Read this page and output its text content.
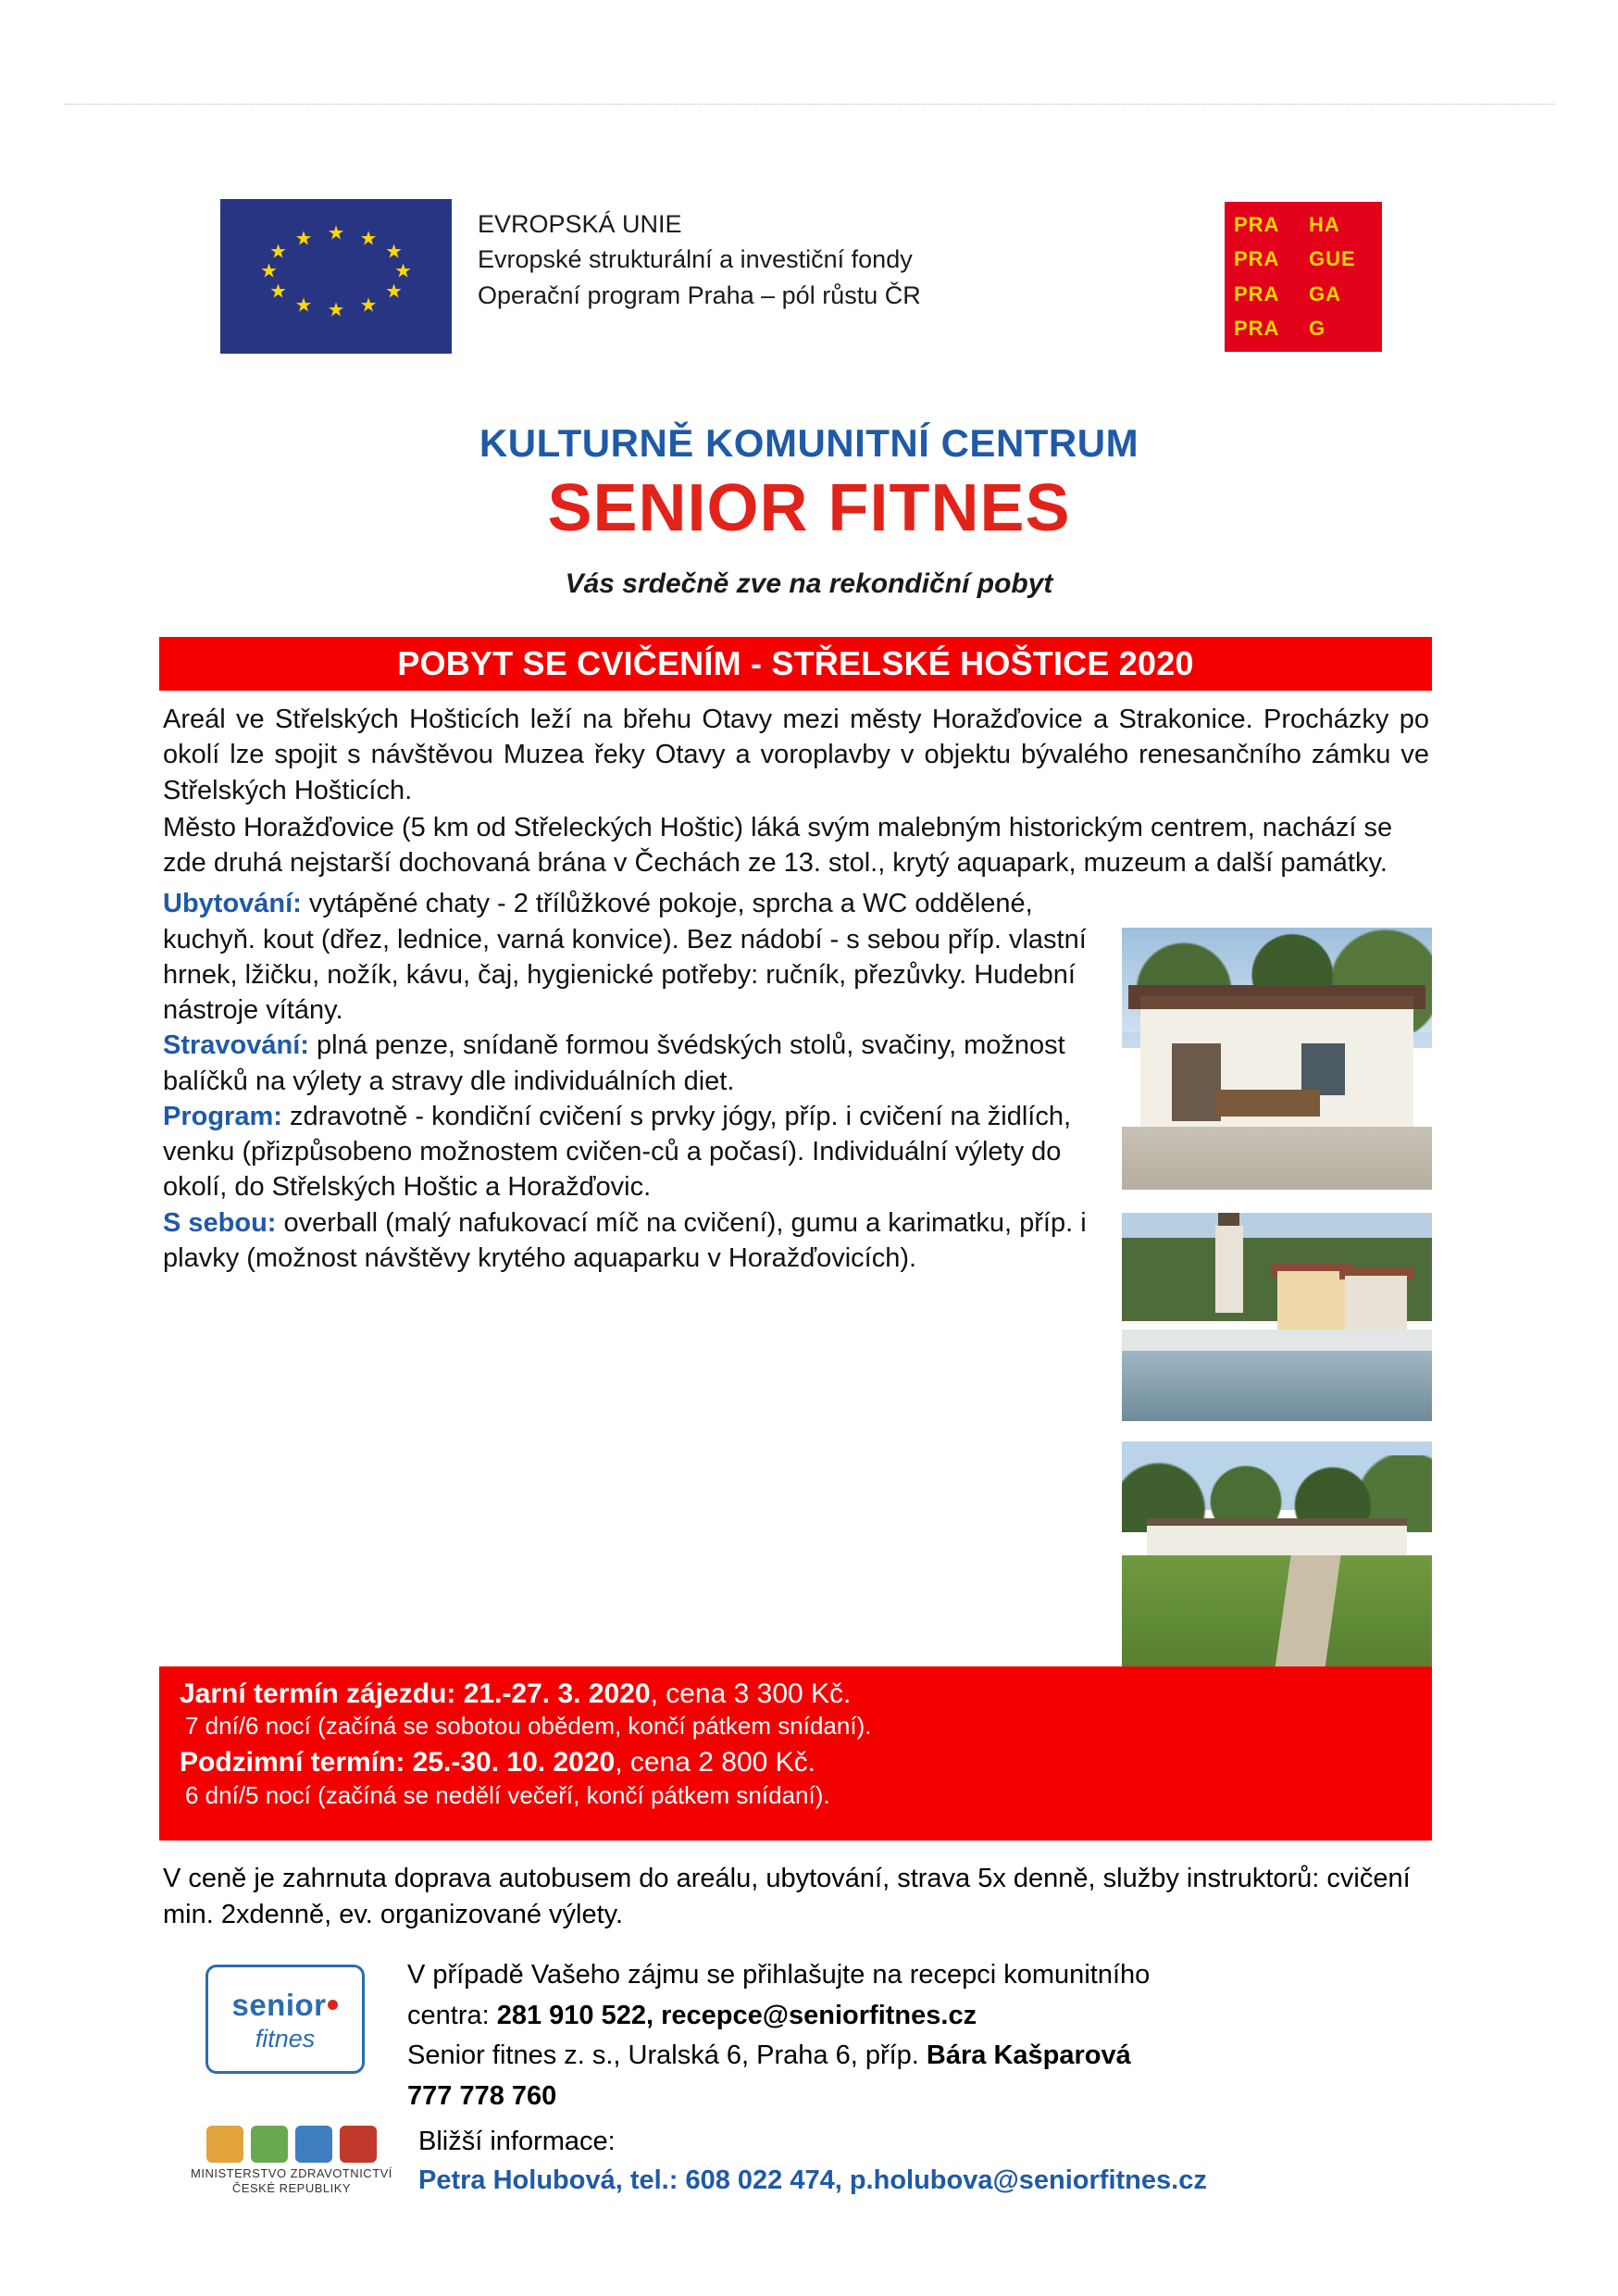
★ ★
★
★
★
★
★
★
★
★
★
★
EVROPSKÁ UNIE
Evropské strukturální a investiční fondy
Operační program Praha – pól růstu ČR
PRA	HA
PRA	GUE
PRA	GA
PRA	G
KULTURNĚ KOMUNITNÍ CENTRUM
SENIOR FITNES
Vás srdečně zve na rekondiční pobyt
POBYT SE CVIČENÍM - STŘELSKÉ HOŠTICE 2020

Areál ve Střelských Hošticích leží na břehu Otavy mezi městy Horažďovice a Strakonice. Procházky po okolí lze spojit s návštěvou Muzea řeky Otavy a voroplavby v objektu bývalého renesančního zámku ve Střelských Hošticích.

Město Horažďovice (5 km od Střeleckých Hoštic) láká svým malebným historickým centrem, nachází se zde druhá nejstarší dochovaná brána v Čechách ze 13. stol., krytý aquapark, muzeum a další památky.

Ubytování: vytápěné chaty - 2 třílůžkové pokoje, sprcha a WC oddělené, kuchyň. kout (dřez, lednice, varná konvice). Bez nádobí - s sebou příp. vlastní hrnek, lžičku, nožík, kávu, čaj, hygienické potřeby: ručník, přezůvky. Hudební nástroje vítány.

Stravování: plná penze, snídaně formou švédských stolů, svačiny, možnost balíčků na výlety a stravy dle individuálních diet.

Program: zdravotně - kondiční cvičení s prvky jógy, příp. i cvičení na židlích, venku (přizpůsobeno možnostem cvičen-ců a počasí). Individuální výlety do okolí, do Střelských Hoštic a Horažďovic.

S sebou: overball (malý nafukovací míč na cvičení), gumu a karimatku, příp. i plavky (možnost návštěvy krytého aquaparku v Horažďovicích).

Jarní termín zájezdu: 21.-27. 3. 2020, cena 3 300 Kč.

7 dní/6 nocí (začíná se sobotou obědem, končí pátkem snídaní).

Podzimní termín: 25.-30. 10. 2020, cena 2 800 Kč.

6 dní/5 nocí (začíná se nedělí večeří, končí pátkem snídaní).

V ceně je zahrnuta doprava autobusem do areálu, ubytování, strava 5x denně, služby instruktorů: cvičení min. 2xdenně, ev. organizované výlety.
senior
fitnes
V případě Vašeho zájmu se přihlašujte na recepci komunitního
centra: 281 910 522, recepce@seniorfitnes.cz
Senior fitnes z. s., Uralská 6, Praha 6, příp. Bára Kašparová
777 778 760
MINISTERSTVO ZDRAVOTNICTVÍ
ČESKÉ REPUBLIKY
Bližší informace:
Petra Holubová, tel.: 608 022 474, p.holubova@seniorfitnes.cz
